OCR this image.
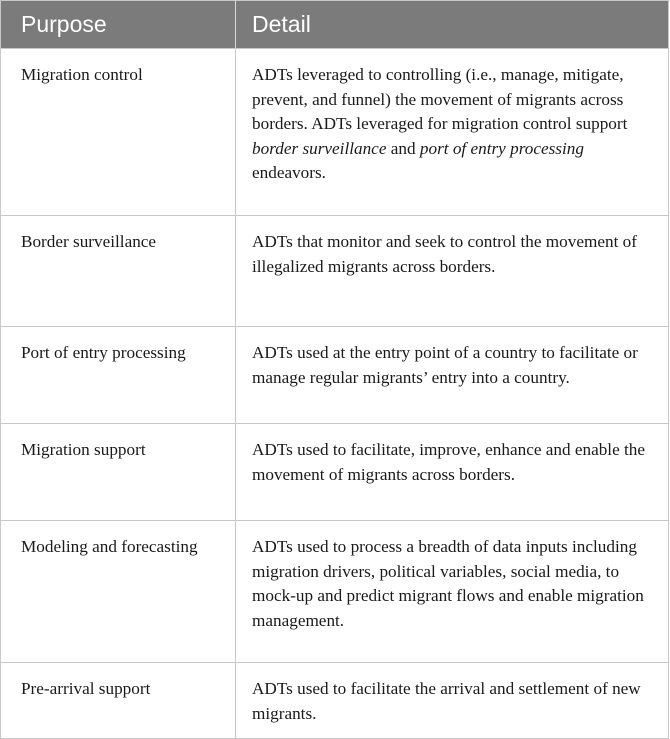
Purpose	Detail
Migration control	ADTs leveraged to controlling (i.e., manage, mitigate, prevent, and funnel) the movement of migrants across borders. ADTs leveraged for migration control support border surveillance and port of entry processing endeavors.
Border surveillance	ADTs that monitor and seek to control the movement of illegalized migrants across borders.
Port of entry processing	ADTs used at the entry point of a country to facilitate or manage regular migrants’ entry into a country.
Migration support	ADTs used to facilitate, improve, enhance and enable the movement of migrants across borders.
Modeling and forecasting	ADTs used to process a breadth of data inputs including migration drivers, political variables, social media, to mock-up and predict migrant flows and enable migration management.
Pre-arrival support	ADTs used to facilitate the arrival and settlement of new migrants.
